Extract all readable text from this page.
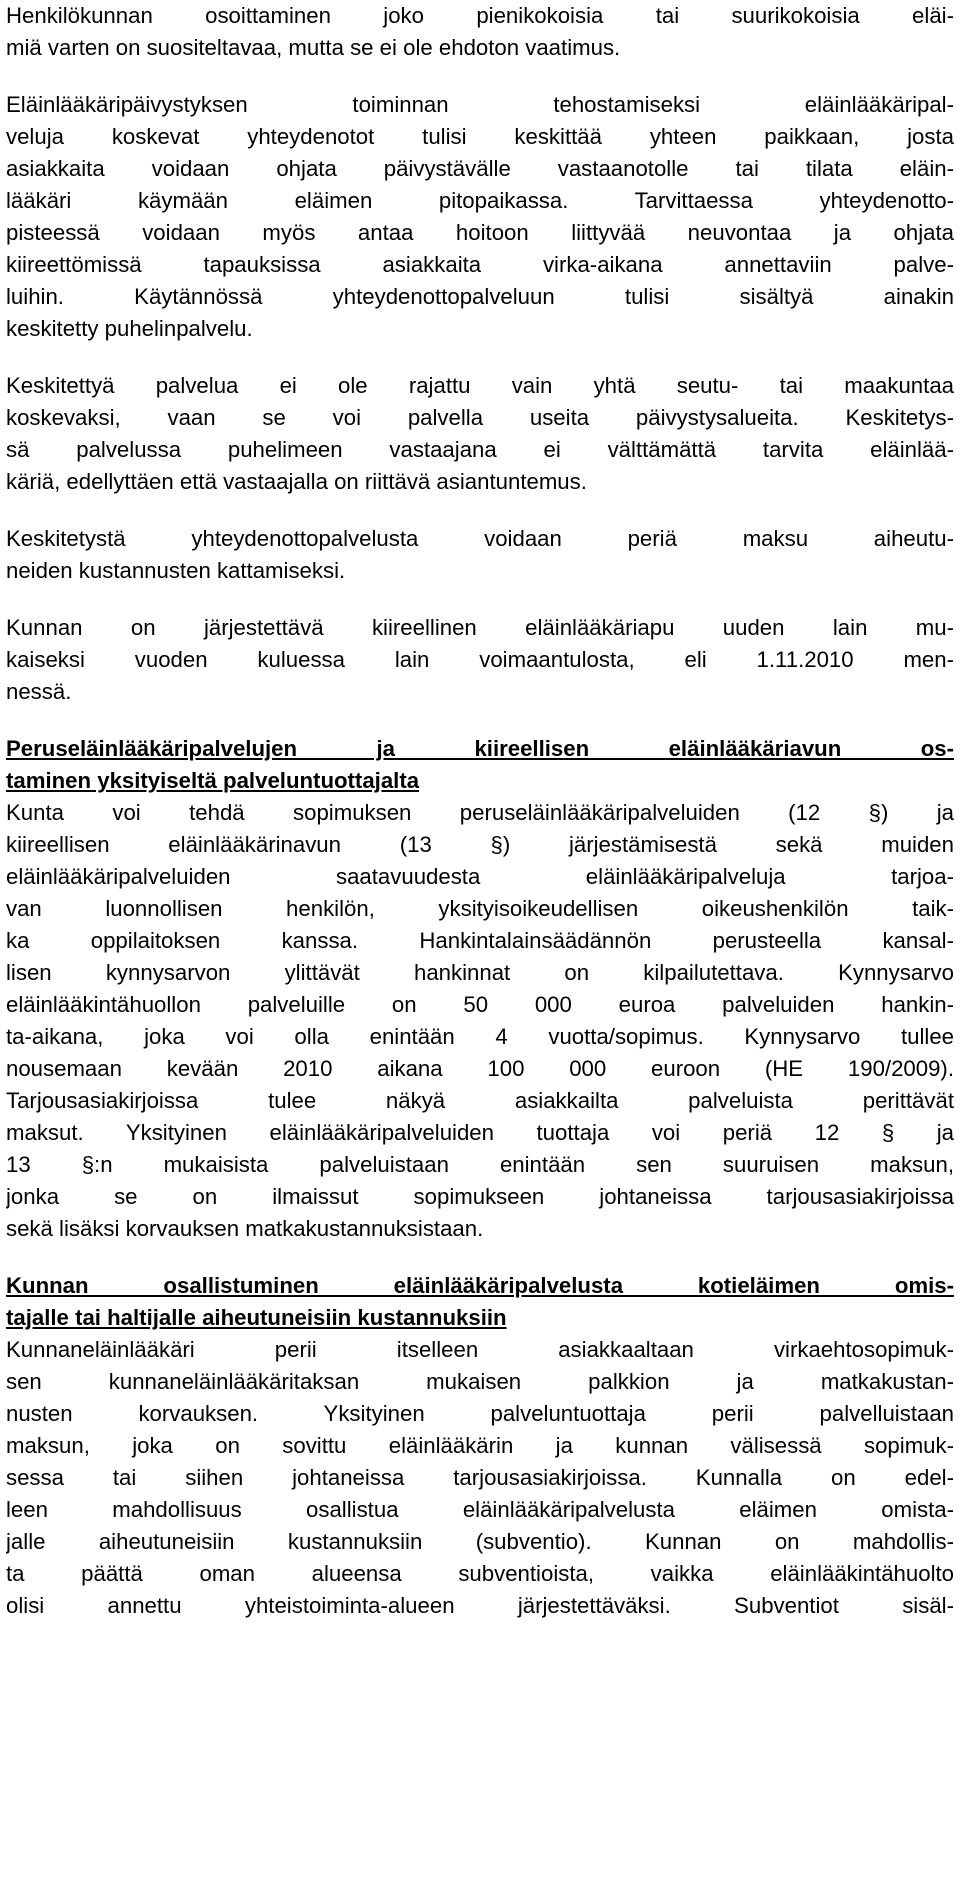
Henkilökunnan osoittaminen joko pienikokoisia tai suurikokoisia eläi-
miä varten on suositeltavaa, mutta se ei ole ehdoton vaatimus.
Eläinlääkäripäivystyksen toiminnan tehostamiseksi eläinlääkäripal-
veluja koskevat yhteydenotot tulisi keskittää yhteen paikkaan, josta
asiakkaita voidaan ohjata päivystävälle vastaanotolle tai tilata eläin-
lääkäri käymään eläimen pitopaikassa. Tarvittaessa yhteydenotto-
pisteessä voidaan myös antaa hoitoon liittyvää neuvontaa ja ohjata
kiireettömissä tapauksissa asiakkaita virka-aikana annettaviin palve-
luihin. Käytännössä yhteydenottopalveluun tulisi sisältyä ainakin
keskitetty puhelinpalvelu.
Keskitettyä palvelua ei ole rajattu vain yhtä seutu- tai maakuntaa
koskevaksi, vaan se voi palvella useita päivystysalueita. Keskitetys-
sä palvelussa puhelimeen vastaajana ei välttämättä tarvita eläinlää-
käriä, edellyttäen että vastaajalla on riittävä asiantuntemus.
Keskitetystä yhteydenottopalvelusta voidaan periä maksu aiheutu-
neiden kustannusten kattamiseksi.
Kunnan on järjestettävä kiireellinen eläinlääkäriapu uuden lain mu-
kaiseksi vuoden kuluessa lain voimaantulosta, eli 1.11.2010 men-
nessä.
Peruseläinlääkäripalvelujen ja kiireellisen eläinlääkäriavun os-
taminen yksityiseltä palveluntuottajalta
Kunta voi tehdä sopimuksen peruseläinlääkäripalveluiden (12 §) ja
kiireellisen eläinlääkärinavun (13 §) järjestämisestä sekä muiden
eläinlääkäripalveluiden saatavuudesta eläinlääkäripalveluja tarjoa-
van luonnollisen henkilön, yksityisoikeudellisen oikeushenkilön taik-
ka oppilaitoksen kanssa. Hankintalainsäädännön perusteella kansal-
lisen kynnysarvon ylittävät hankinnat on kilpailutettava. Kynnysarvo
eläinlääkintähuollon palveluille on 50 000 euroa palveluiden hankin-
ta-aikana, joka voi olla enintään 4 vuotta/sopimus. Kynnysarvo tullee
nousemaan kevään 2010 aikana 100 000 euroon (HE 190/2009).
Tarjousasiakirjoissa tulee näkyä asiakkailta palveluista perittävät
maksut. Yksityinen eläinlääkäripalveluiden tuottaja voi periä 12 § ja
13 §:n mukaisista palveluistaan enintään sen suuruisen maksun,
jonka se on ilmaissut sopimukseen johtaneissa tarjousasiakirjoissa
sekä lisäksi korvauksen matkakustannuksistaan.
Kunnan osallistuminen eläinlääkäripalvelusta kotieläimen omis-
tajalle tai haltijalle aiheutuneisiin kustannuksiin
Kunnaneläinlääkäri perii itselleen asiakkaaltaan virkaehtosopimuk-
sen kunnaneläinlääkäritaksan mukaisen palkkion ja matkakustan-
nusten korvauksen. Yksityinen palveluntuottaja perii palvelluistaan
maksun, joka on sovittu eläinlääkärin ja kunnan välisessä sopimuk-
sessa tai siihen johtaneissa tarjousasiakirjoissa. Kunnalla on edel-
leen mahdollisuus osallistua eläinlääkäripalvelusta eläimen omista-
jalle aiheutuneisiin kustannuksiin (subventio). Kunnan on mahdollis-
ta päättä oman alueensa subventioista, vaikka eläinlääkintähuolto
olisi annettu yhteistoiminta-alueen järjestettäväksi. Subventiot sisäl-
